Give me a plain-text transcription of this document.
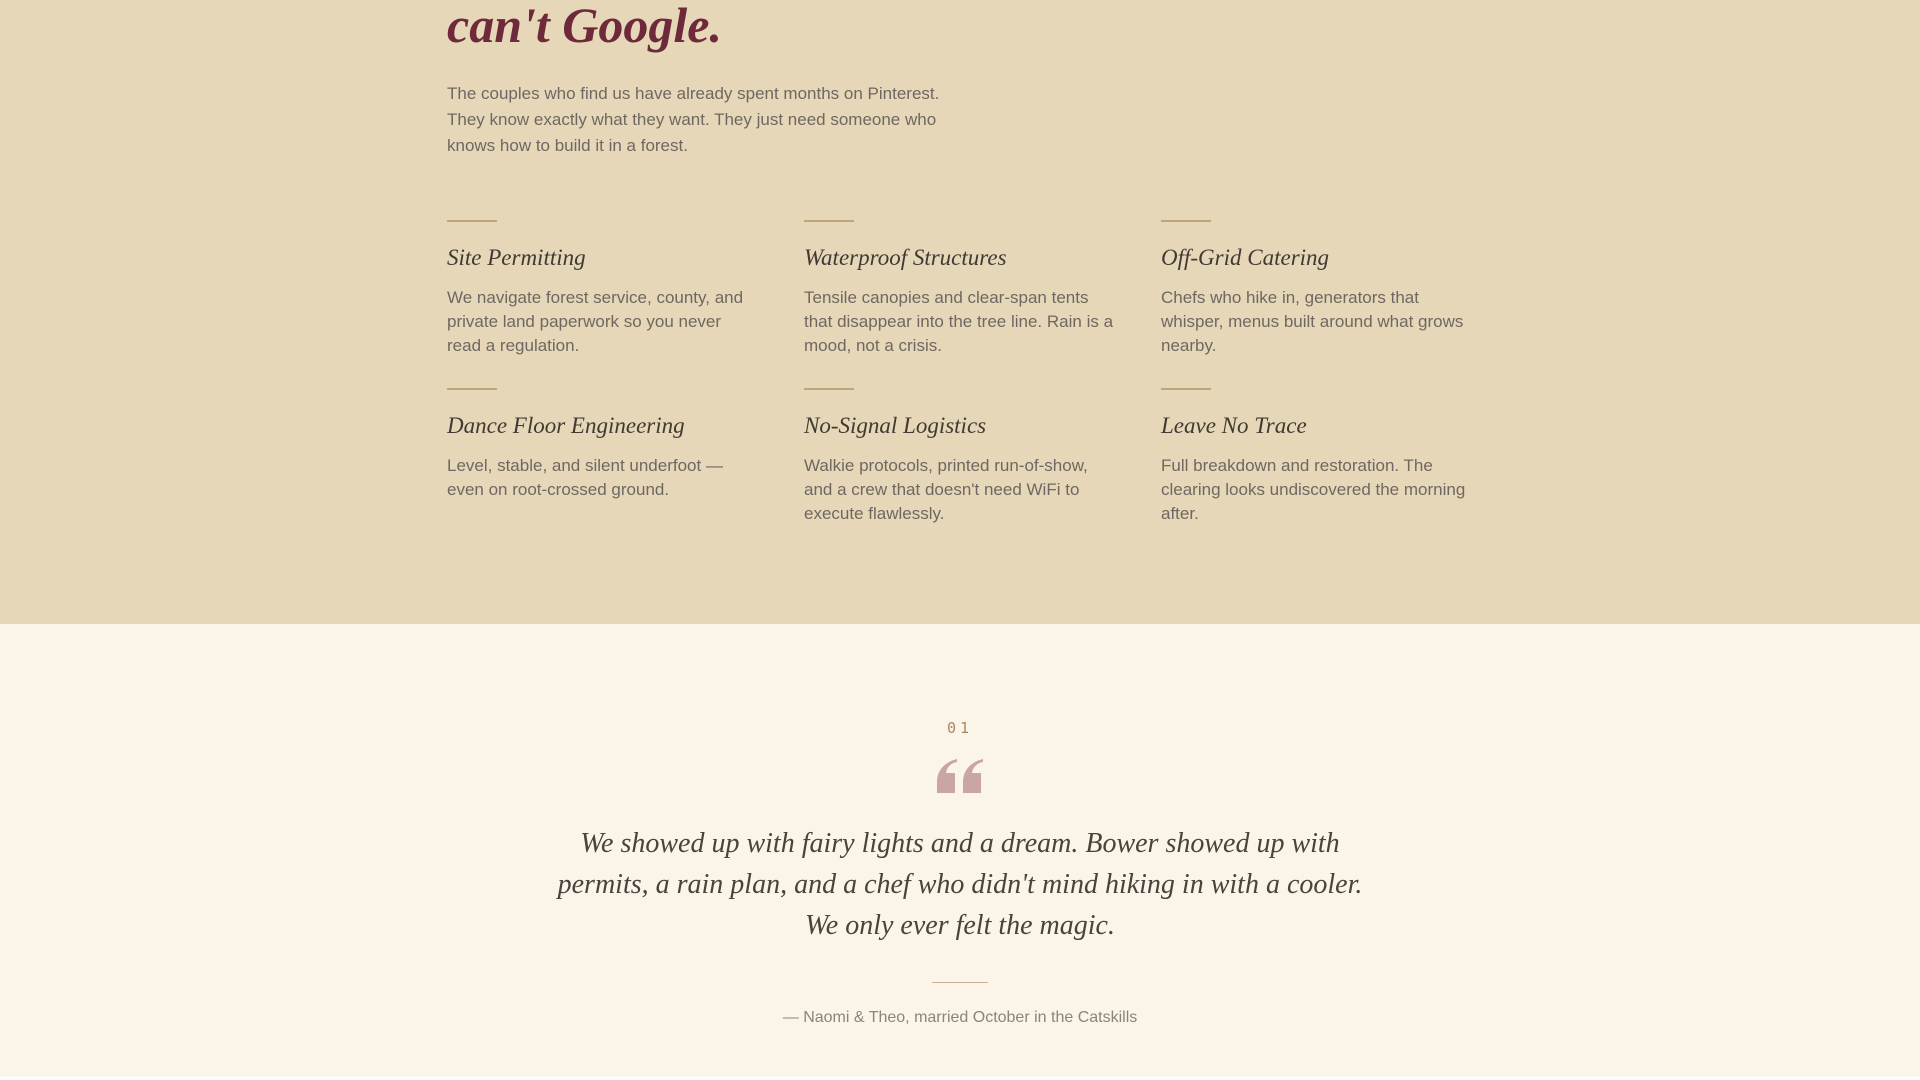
can't Google.

The couples who find us have already spent months on Pinterest. They know exactly what they want. They just need someone who knows how to build it in a forest.

Site Permitting

We navigate forest service, county, and private land paperwork so you never read a regulation.

Waterproof Structures

Tensile canopies and clear-span tents that disappear into the tree line. Rain is a mood, not a crisis.

Off-Grid Catering

Chefs who hike in, generators that whisper, menus built around what grows nearby.

Dance Floor Engineering

Level, stable, and silent underfoot — even on root-crossed ground.

No-Signal Logistics

Walkie protocols, printed run-of-show, and a crew that doesn't need WiFi to execute flawlessly.

Leave No Trace

Full breakdown and restoration. The clearing looks undiscovered the morning after.

01
We showed up with fairy lights and a dream. Bower showed up with
permits, a rain plan, and a chef who didn't mind hiking in with a cooler.
We only ever felt the magic.
— Naomi & Theo, married October in the Catskills
